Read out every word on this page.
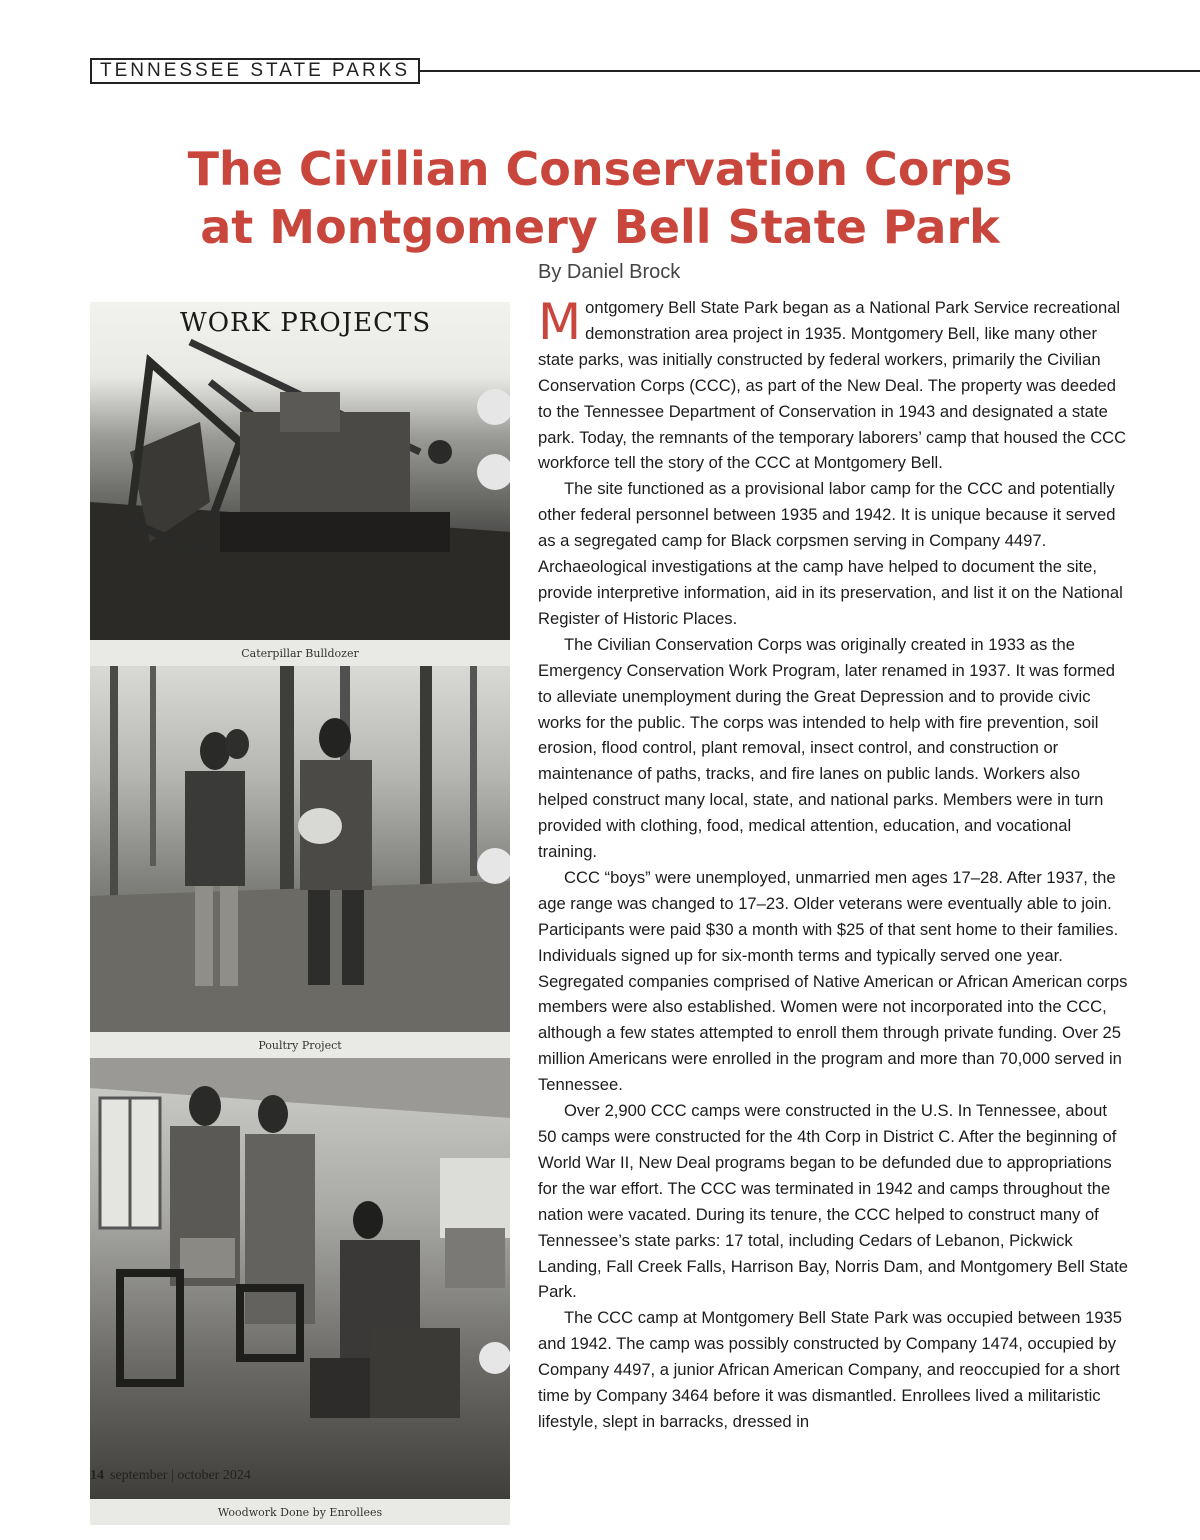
TENNESSEE STATE PARKS
The Civilian Conservation Corps
at Montgomery Bell State Park
By Daniel Brock
WORK PROJECTS
Caterpillar Bulldozer
Poultry Project
Woodwork Done by Enrollees

Montgomery Bell State Park began as a National Park Service recreational demonstration area project in 1935. Montgomery Bell, like many other state parks, was initially constructed by federal workers, primarily the Civilian Conservation Corps (CCC), as part of the New Deal. The property was deeded to the Tennessee Department of Conservation in 1943 and designated a state park. Today, the remnants of the temporary laborers’ camp that housed the CCC workforce tell the story of the CCC at Montgomery Bell.

The site functioned as a provisional labor camp for the CCC and potentially other federal personnel between 1935 and 1942. It is unique because it served as a segregated camp for Black corpsmen serving in Company 4497. Archaeological investigations at the camp have helped to document the site, provide interpretive information, aid in its preservation, and list it on the National Register of Historic Places.

The Civilian Conservation Corps was originally created in 1933 as the Emergency Conservation Work Program, later renamed in 1937. It was formed to alleviate unemployment during the Great Depression and to provide civic works for the public. The corps was intended to help with fire prevention, soil erosion, flood control, plant removal, insect control, and construction or maintenance of paths, tracks, and fire lanes on public lands. Workers also helped construct many local, state, and national parks. Members were in turn provided with clothing, food, medical attention, education, and vocational training.

CCC “boys” were unemployed, unmarried men ages 17–28. After 1937, the age range was changed to 17–23. Older veterans were eventually able to join. Participants were paid $30 a month with $25 of that sent home to their families. Individuals signed up for six-month terms and typically served one year. Segregated companies comprised of Native American or African American corps members were also established. Women were not incorporated into the CCC, although a few states attempted to enroll them through private funding. Over 25 million Americans were enrolled in the program and more than 70,000 served in Tennessee.

Over 2,900 CCC camps were constructed in the U.S. In Tennessee, about 50 camps were constructed for the 4th Corp in District C. After the beginning of World War II, New Deal programs began to be defunded due to appropriations for the war effort. The CCC was terminated in 1942 and camps throughout the nation were vacated. During its tenure, the CCC helped to construct many of Tennessee’s state parks: 17 total, including Cedars of Lebanon, Pickwick Landing, Fall Creek Falls, Harrison Bay, Norris Dam, and Montgomery Bell State Park.

The CCC camp at Montgomery Bell State Park was occupied between 1935 and 1942. The camp was possibly constructed by Company 1474, occupied by Company 4497, a junior African American Company, and reoccupied for a short time by Company 3464 before it was dismantled. Enrollees lived a militaristic lifestyle, slept in barracks, dressed in

14 september | october 2024
